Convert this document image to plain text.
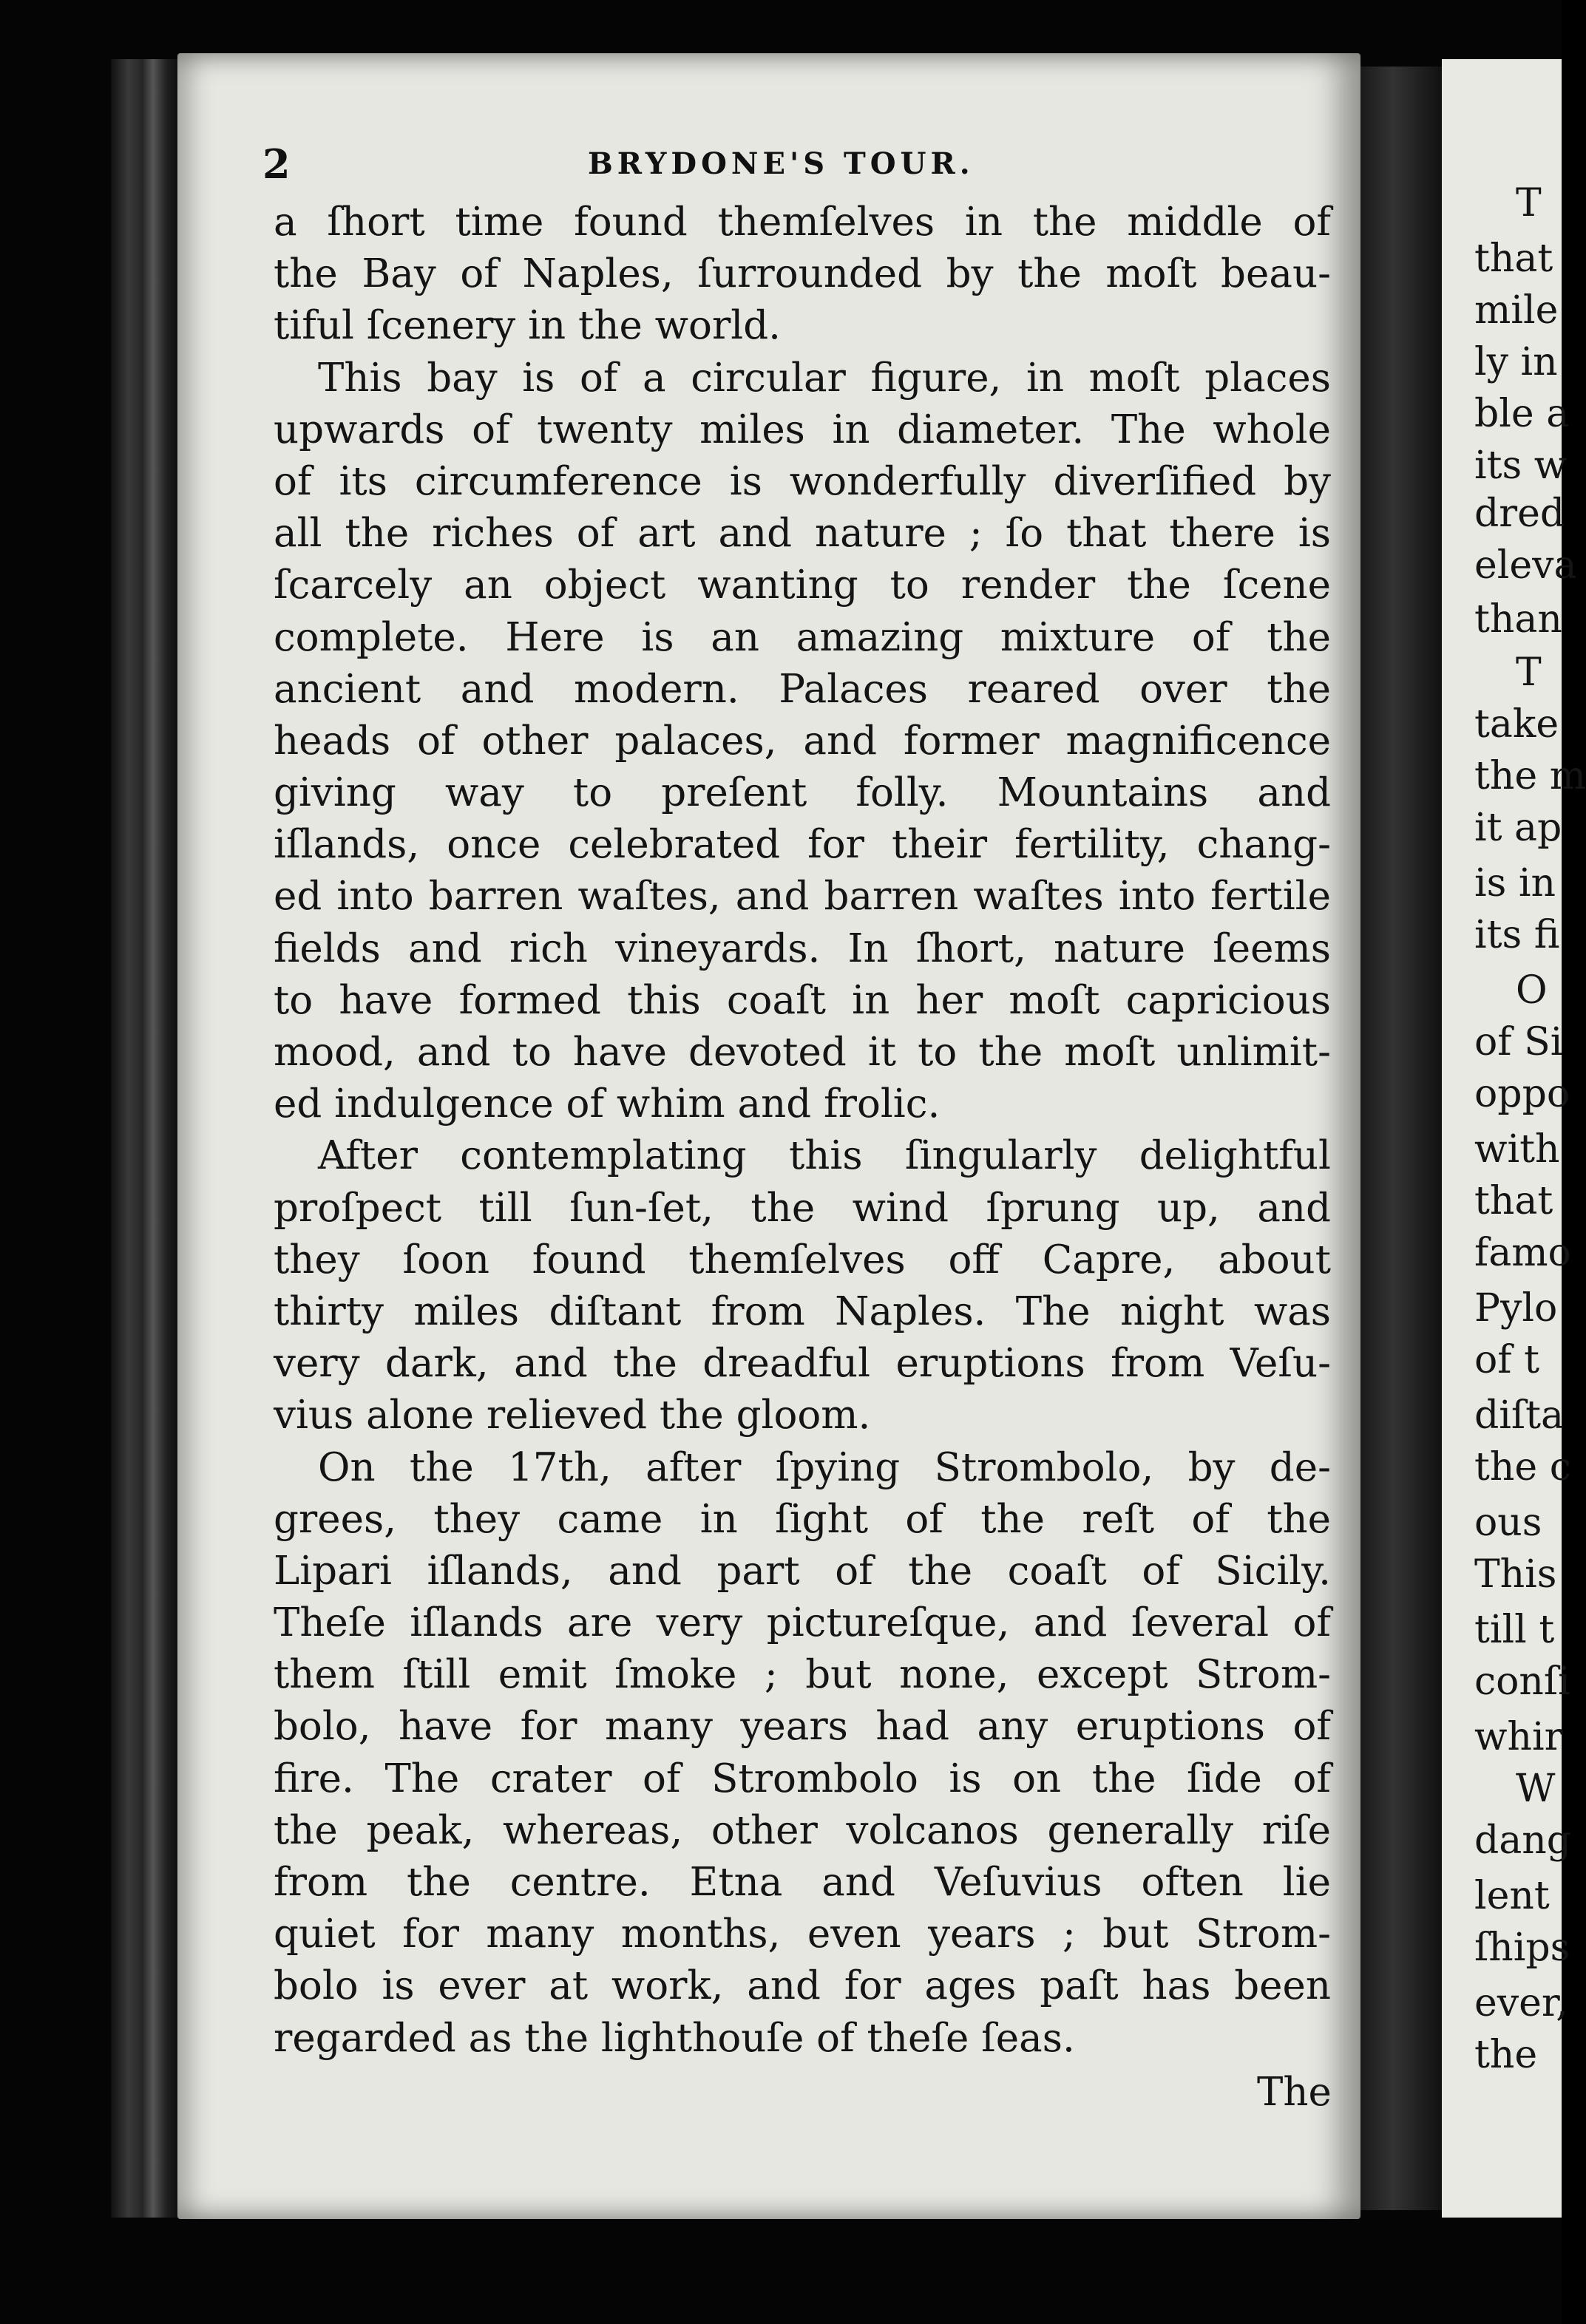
T
that
mile
ly in
ble a
its w
dred
eleva
than
T
take
the m
it ap
is in
its fi
O
of Si
oppo
with
that
famo
Pylo
of t
diſta
the c
ous
This
till t
conſi
whir
W
dang
lent
ſhips
ever,
the
2	BRYDONE'S TOUR.
a ſhort time found themſelves in the middle of
the Bay of Naples, ſurrounded by the moſt beau-
tiful ſcenery in the world.
This bay is of a circular figure, in moſt places
upwards of twenty miles in diameter. The whole
of its circumference is wonderfully diverſified by
all the riches of art and nature ; ſo that there is
ſcarcely an object wanting to render the ſcene
complete. Here is an amazing mixture of the
ancient and modern. Palaces reared over the
heads of other palaces, and former magnificence
giving way to preſent folly. Mountains and
iſlands, once celebrated for their fertility, chang-
ed into barren waſtes, and barren waſtes into fertile
fields and rich vineyards. In ſhort, nature ſeems
to have formed this coaſt in her moſt capricious
mood, and to have devoted it to the moſt unlimit-
ed indulgence of whim and frolic.
After contemplating this ſingularly delightful
proſpect till ſun-ſet, the wind ſprung up, and
they ſoon found themſelves off Capre, about
thirty miles diſtant from Naples. The night was
very dark, and the dreadful eruptions from Veſu-
vius alone relieved the gloom.
On the 17th, after ſpying Strombolo, by de-
grees, they came in ſight of the reſt of the
Lipari iſlands, and part of the coaſt of Sicily.
Theſe iſlands are very pictureſque, and ſeveral of
them ſtill emit ſmoke ; but none, except Strom-
bolo, have for many years had any eruptions of
fire. The crater of Strombolo is on the ſide of
the peak, whereas, other volcanos generally riſe
from the centre. Etna and Veſuvius often lie
quiet for many months, even years ; but Strom-
bolo is ever at work, and for ages paſt has been
regarded as the lighthouſe of theſe ſeas.
The
